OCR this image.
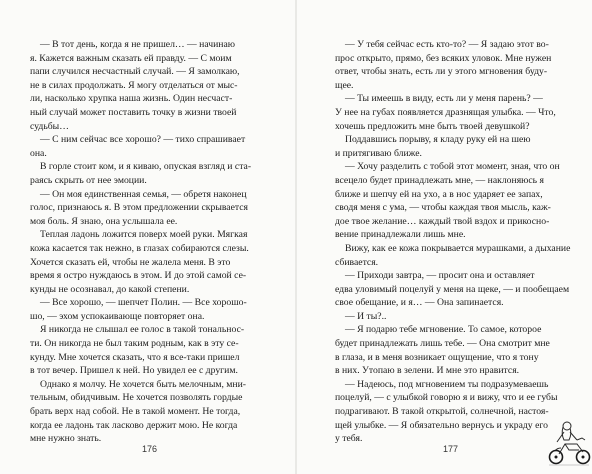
— В тот день, когда я не пришел… — начинаю
я. Кажется важным сказать ей правду. — С моим
папи случился несчастный случай. — Я замолкаю,
не в силах продолжать. Я могу отделаться от мыс-
ли, насколько хрупка наша жизнь. Один несчаст-
ный случай может поставить точку в жизни твоей
судьбы…
— С ним сейчас все хорошо? — тихо спрашивает
она.
В горле стоит ком, и я киваю, опуская взгляд и ста-
раясь скрыть от нее эмоции.
— Он моя единственная семья, — обретя наконец
голос, признаюсь я. В этом предложении скрывается
моя боль. Я знаю, она услышала ее.
Теплая ладонь ложится поверх моей руки. Мягкая
кожа касается так нежно, в глазах собираются слезы.
Хочется сказать ей, чтобы не жалела меня. В это
время я остро нуждаюсь в этом. И до этой самой се-
кунды не осознавал, до какой степени.
— Все хорошо, — шепчет Полин. — Все хорошо-
шо, — эхом успокаивающе повторяет она.
Я никогда не слышал ее голос в такой тональнос-
ти. Он никогда не был таким родным, как в эту се-
кунду. Мне хочется сказать, что я все-таки пришел
в тот вечер. Пришел к ней. Но увидел ее с другим.
Однако я молчу. Не хочется быть мелочным, мни-
тельным, обидчивым. Не хочется позволять гордые
брать верх над собой. Не в такой момент. Не тогда,
когда ее ладонь так ласково держит мою. Не когда
мне нужно знать.
176
— У тебя сейчас есть кто-то? — Я задаю этот во-
прос открыто, прямо, без всяких уловок. Мне нужен
ответ, чтобы знать, есть ли у этого мгновения буду-
щее.
— Ты имеешь в виду, есть ли у меня парень? —
У нее на губах появляется дразнящая улыбка. — Что,
хочешь предложить мне быть твоей девушкой?
Поддавшись порыву, я кладу руку ей на шею
и притягиваю ближе.
— Хочу разделить с тобой этот момент, зная, что он
всецело будет принадлежать мне, — наклоняюсь я
ближе и шепчу ей на ухо, а в нос ударяет ее запах,
сводя меня с ума, — чтобы каждая твоя мысль, каж-
дое твое желание… каждый твой вздох и прикосно-
вение принадлежали лишь мне.
Вижу, как ее кожа покрывается мурашками, а дыхание
сбивается.
— Приходи завтра, — просит она и оставляет
едва уловимый поцелуй у меня на щеке, — и пообещаем
свое обещание, и я… — Она запинается.
— И ты?..
— Я подарю тебе мгновение. То самое, которое
будет принадлежать лишь тебе. — Она смотрит мне
в глаза, и в меня возникает ощущение, что я тону
в них. Утопаю в зелени. И мне это нравится.
— Надеюсь, под мгновением ты подразумеваешь
поцелуй, — с улыбкой говорю я и вижу, что и ее губы
подрагивают. В такой открытой, солнечной, настоя-
щей улыбке. — Я обязательно вернусь и украду его
у тебя.
177
